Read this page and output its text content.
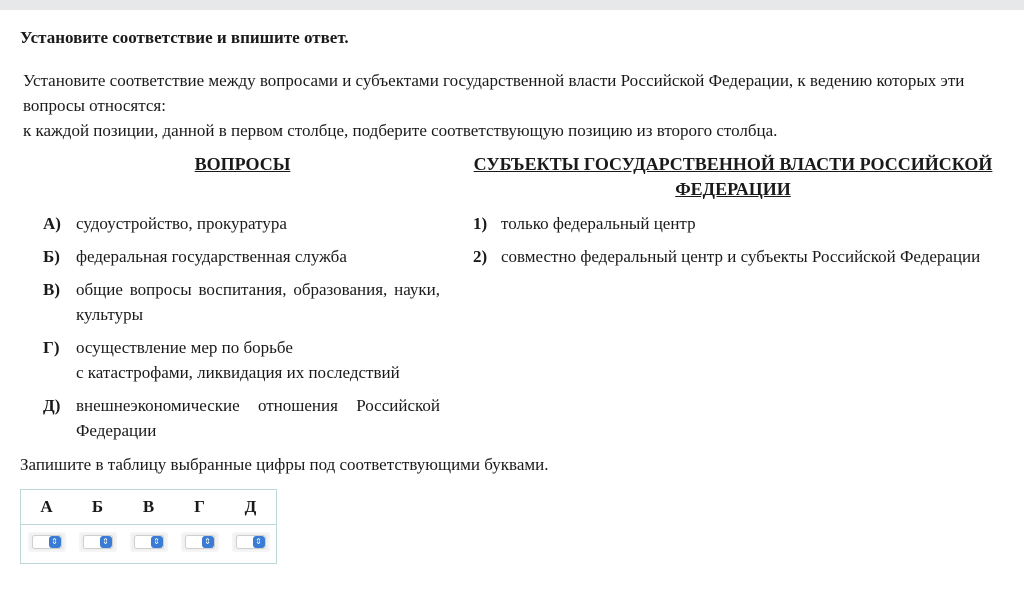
Установите соответствие и впишите ответ.

Установите соответствие между вопросами и субъектами государственной власти Российской Федерации, к ведению которых эти вопросы относятся:

к каждой позиции, данной в первом столбце, подберите соответствующую позицию из второго столбца.

ВОПРОСЫ	СУБЪЕКТЫ ГОСУДАРСТВЕННОЙ ВЛАСТИ РОССИЙСКОЙ ФЕДЕРАЦИИ
А) судоустройство, прокуратура
Б) федеральная государственная служба
В) общие вопросы воспитания, образования, науки, культуры
Г) осуществление мер по борьбе
с катастрофами, ликвидация их последствий
Д) внешнеэкономические отношения Российской Федерации
1) только федеральный центр
2) совместно федеральный центр и субъекты Российской Федерации
Запишите в таблицу выбранные цифры под соответствующими буквами.
А	Б	В	Г	Д

⇕	⇕	⇕	⇕	⇕
